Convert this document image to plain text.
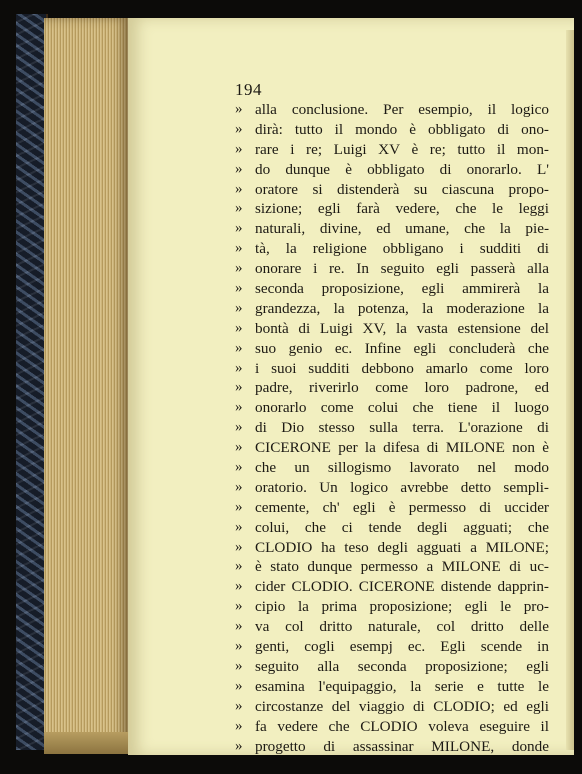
194
» alla conclusione. Per esempio, il logico
» dirà: tutto il mondo è obbligato di ono-
» rare i re; Luigi XV è re; tutto il mon-
» do dunque è obbligato di onorarlo. L'
» oratore si distenderà su ciascuna propo-
» sizione; egli farà vedere, che le leggi
» naturali, divine, ed umane, che la pie-
» tà, la religione obbligano i sudditi di
» onorare i re. In seguito egli passerà alla
» seconda proposizione, egli ammirerà la
» grandezza, la potenza, la moderazione la
» bontà di Luigi XV, la vasta estensione del
» suo genio ec. Infine egli concluderà che
» i suoi sudditi debbono amarlo come loro
» padre, riverirlo come loro padrone, ed
» onorarlo come colui che tiene il luogo
» di Dio stesso sulla terra. L'orazione di
» CICERONE per la difesa di MILONE non è
» che un sillogismo lavorato nel modo
» oratorio. Un logico avrebbe detto sempli-
» cemente, ch' egli è permesso di uccider
» colui, che ci tende degli agguati; che
» CLODIO ha teso degli agguati a MILONE;
» è stato dunque permesso a MILONE di uc-
» cider CLODIO. CICERONE distende dapprin-
» cipio la prima proposizione; egli le pro-
» va col dritto naturale, col dritto delle
» genti, cogli esempj ec. Egli scende in
» seguito alla seconda proposizione; egli
» esamina l'equipaggio, la serie e tutte le
» circostanze del viaggio di CLODIO; ed egli
» fa vedere che CLODIO voleva eseguire il
» progetto di assassinar MILONE, donde
